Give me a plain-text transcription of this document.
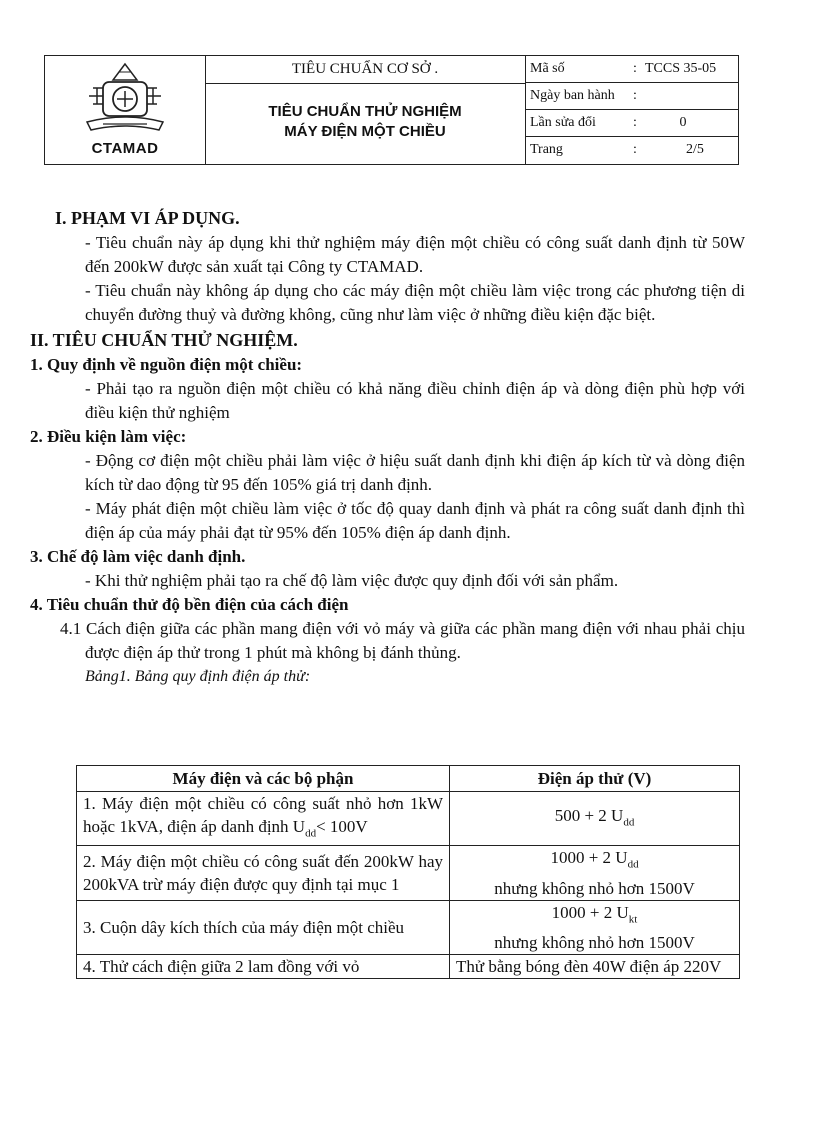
CTAMAD
TIÊU CHUẨN CƠ SỞ .
TIÊU CHUẨN THỬ NGHIỆM
MÁY ĐIỆN MỘT CHIỀU
Mã số	: TCCS 35-05
Ngày ban hành :
Lần sửa đổi	:	0
Trang	:	2/5

I. PHẠM VI ÁP DỤNG.

- Tiêu chuẩn này áp dụng khi thử nghiệm máy điện một chiều có công suất danh định từ 50W đến 200kW được sản xuất tại Công ty CTAMAD.

- Tiêu chuẩn này không áp dụng cho các máy điện một chiều làm việc trong các phương tiện di chuyển đường thuỷ và đường không, cũng như làm việc ở những điều kiện đặc biệt.

II. TIÊU CHUẨN THỬ NGHIỆM.

1. Quy định về nguồn điện một chiều:

- Phải tạo ra nguồn điện một chiều có khả năng điều chỉnh điện áp và dòng điện phù hợp với điều kiện thử nghiệm

2. Điều kiện làm việc:

- Động cơ điện một chiều phải làm việc ở hiệu suất danh định khi điện áp kích từ và dòng điện kích từ dao động từ 95 đến 105% giá trị danh định.

- Máy phát điện một chiều làm việc ở tốc độ quay danh định và phát ra công suất danh định thì điện áp của máy phải đạt từ 95% đến 105% điện áp danh định.

3. Chế độ làm việc danh định.

- Khi thử nghiệm phải tạo ra chế độ làm việc được quy định đối với sản phẩm.

4. Tiêu chuẩn thử độ bền điện của cách điện

4.1 Cách điện giữa các phần mang điện với vỏ máy và giữa các phần mang điện với nhau phải chịu được điện áp thử trong 1 phút mà không bị đánh thủng.

Bảng1. Bảng quy định điện áp thử:

Máy điện và các bộ phận	Điện áp thử (V)
1. Máy điện một chiều có công suất nhỏ hơn 1kW hoặc 1kVA, điện áp danh định $U_{dd}< 100V$	500 + 2 $U_{dd}$
2. Máy điện một chiều có công suất đến 200kW hay 200kVA trừ máy điện được quy định tại mục 1	1000 + 2 $U_{dd}$
nhưng không nhỏ hơn 1500V
3. Cuộn dây kích thích của máy điện một chiều	1000 + 2 $U_{kt}$
nhưng không nhỏ hơn 1500V
4. Thử cách điện giữa 2 lam đồng với vỏ	Thử bằng bóng đèn 40W điện áp 220V
